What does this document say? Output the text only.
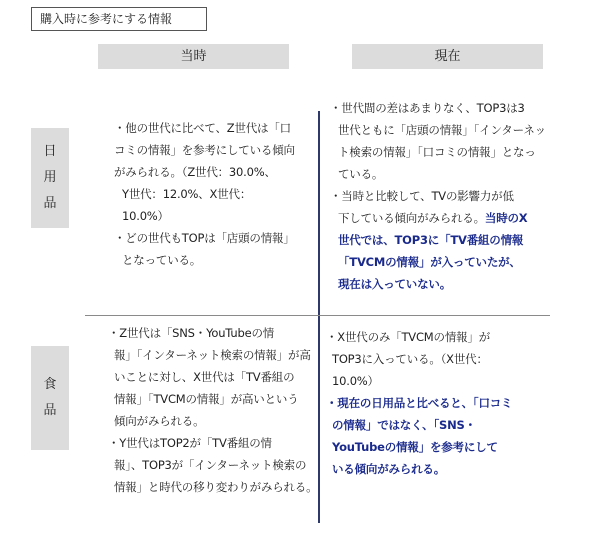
購入時に参考にする情報
当時	現在
日
用
品
食
品

・他の世代に比べて、Z世代は「口

コミの情報」を参考にしている傾向

がみられる。（Z世代：30.0%、

Y世代：12.0%、X世代：

10.0%）

・どの世代もTOPは「店頭の情報」

となっている。

・世代間の差はあまりなく、TOP3は3

世代ともに「店頭の情報」「インターネッ

ト検索の情報」「口コミの情報」となっ

ている。

・当時と比較して、TVの影響力が低

下している傾向がみられる。当時のX

世代では、TOP3に「TV番組の情報

「TVCMの情報」が入っていたが、

現在は入っていない。

・Z世代は「SNS・YouTubeの情

報」「インターネット検索の情報」が高

いことに対し、X世代は「TV番組の

情報」「TVCMの情報」が高いという

傾向がみられる。

・Y世代はTOP2が「TV番組の情

報」、TOP3が「インターネット検索の

情報」と時代の移り変わりがみられる。

・X世代のみ「TVCMの情報」が

TOP3に入っている。（X世代：

10.0%）

・現在の日用品と比べると、「口コミ

の情報」ではなく、「SNS・

YouTubeの情報」を参考にして

いる傾向がみられる。
